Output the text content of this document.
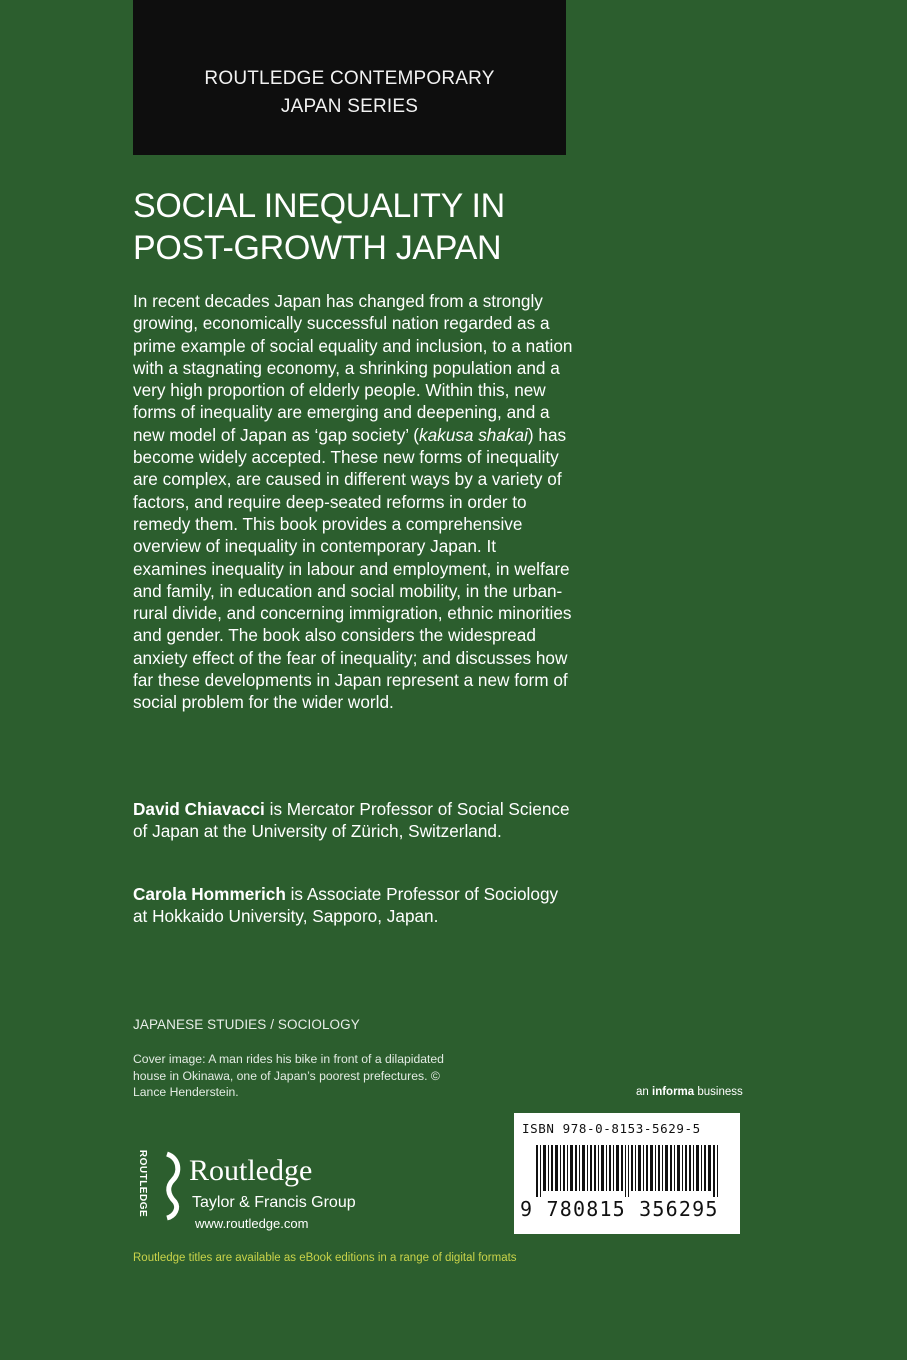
ROUTLEDGE CONTEMPORARY
JAPAN SERIES
SOCIAL INEQUALITY IN
POST-GROWTH JAPAN

In recent decades Japan has changed from a strongly growing, economically successful nation regarded as a prime example of social equality and inclusion, to a nation with a stagnating economy, a shrinking population and a very high proportion of elderly people. Within this, new forms of inequality are emerging and deepening, and a new model of Japan as ‘gap society’ (kakusa shakai) has become widely accepted. These new forms of inequality are complex, are caused in different ways by a variety of factors, and require deep-seated reforms in order to remedy them. This book provides a comprehensive overview of inequality in contemporary Japan. It examines inequality in labour and employment, in welfare and family, in education and social mobility, in the urban-rural divide, and concerning immigration, ethnic minorities and gender. The book also considers the widespread anxiety effect of the fear of inequality; and discusses how far these developments in Japan represent a new form of social problem for the wider world.

David Chiavacci is Mercator Professor of Social Science of Japan at the University of Zürich, Switzerland.

Carola Hommerich is Associate Professor of Sociology at Hokkaido University, Sapporo, Japan.

JAPANESE STUDIES / SOCIOLOGY

Cover image: A man rides his bike in front of a dilapidated house in Okinawa, one of Japan’s poorest prefectures. © Lance Henderstein.	an informa business
ISBN 978-0-8153-5629-5
9 780815 356295
ROUTLEDGE Routledge
Taylor & Francis Group
www.routledge.com
Routledge titles are available as eBook editions in a range of digital formats
